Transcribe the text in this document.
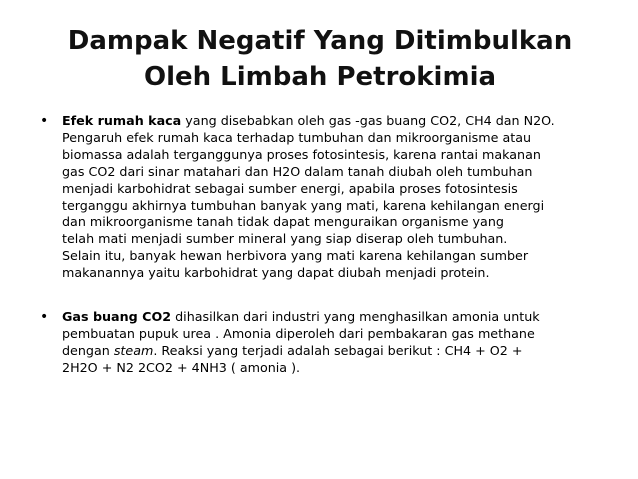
Dampak Negatif Yang Ditimbulkan
Oleh Limbah Petrokimia
• Efek rumah kaca yang disebabkan oleh gas -gas buang CO2, CH4 dan N2O.
Pengaruh efek rumah kaca terhadap tumbuhan dan mikroorganisme atau
biomassa adalah terganggunya proses fotosintesis, karena rantai makanan
gas CO2 dari sinar matahari dan H2O dalam tanah diubah oleh tumbuhan
menjadi karbohidrat sebagai sumber energi, apabila proses fotosintesis
terganggu akhirnya tumbuhan banyak yang mati, karena kehilangan energi
dan mikroorganisme tanah tidak dapat menguraikan organisme yang
telah mati menjadi sumber mineral yang siap diserap oleh tumbuhan.
Selain itu, banyak hewan herbivora yang mati karena kehilangan sumber
makanannya yaitu karbohidrat yang dapat diubah menjadi protein.
• Gas buang CO2 dihasilkan dari industri yang menghasilkan amonia untuk
pembuatan pupuk urea . Amonia diperoleh dari pembakaran gas methane
dengan steam. Reaksi yang terjadi adalah sebagai berikut : CH4 + O2 +
2H2O + N2 2CO2 + 4NH3 ( amonia ).
